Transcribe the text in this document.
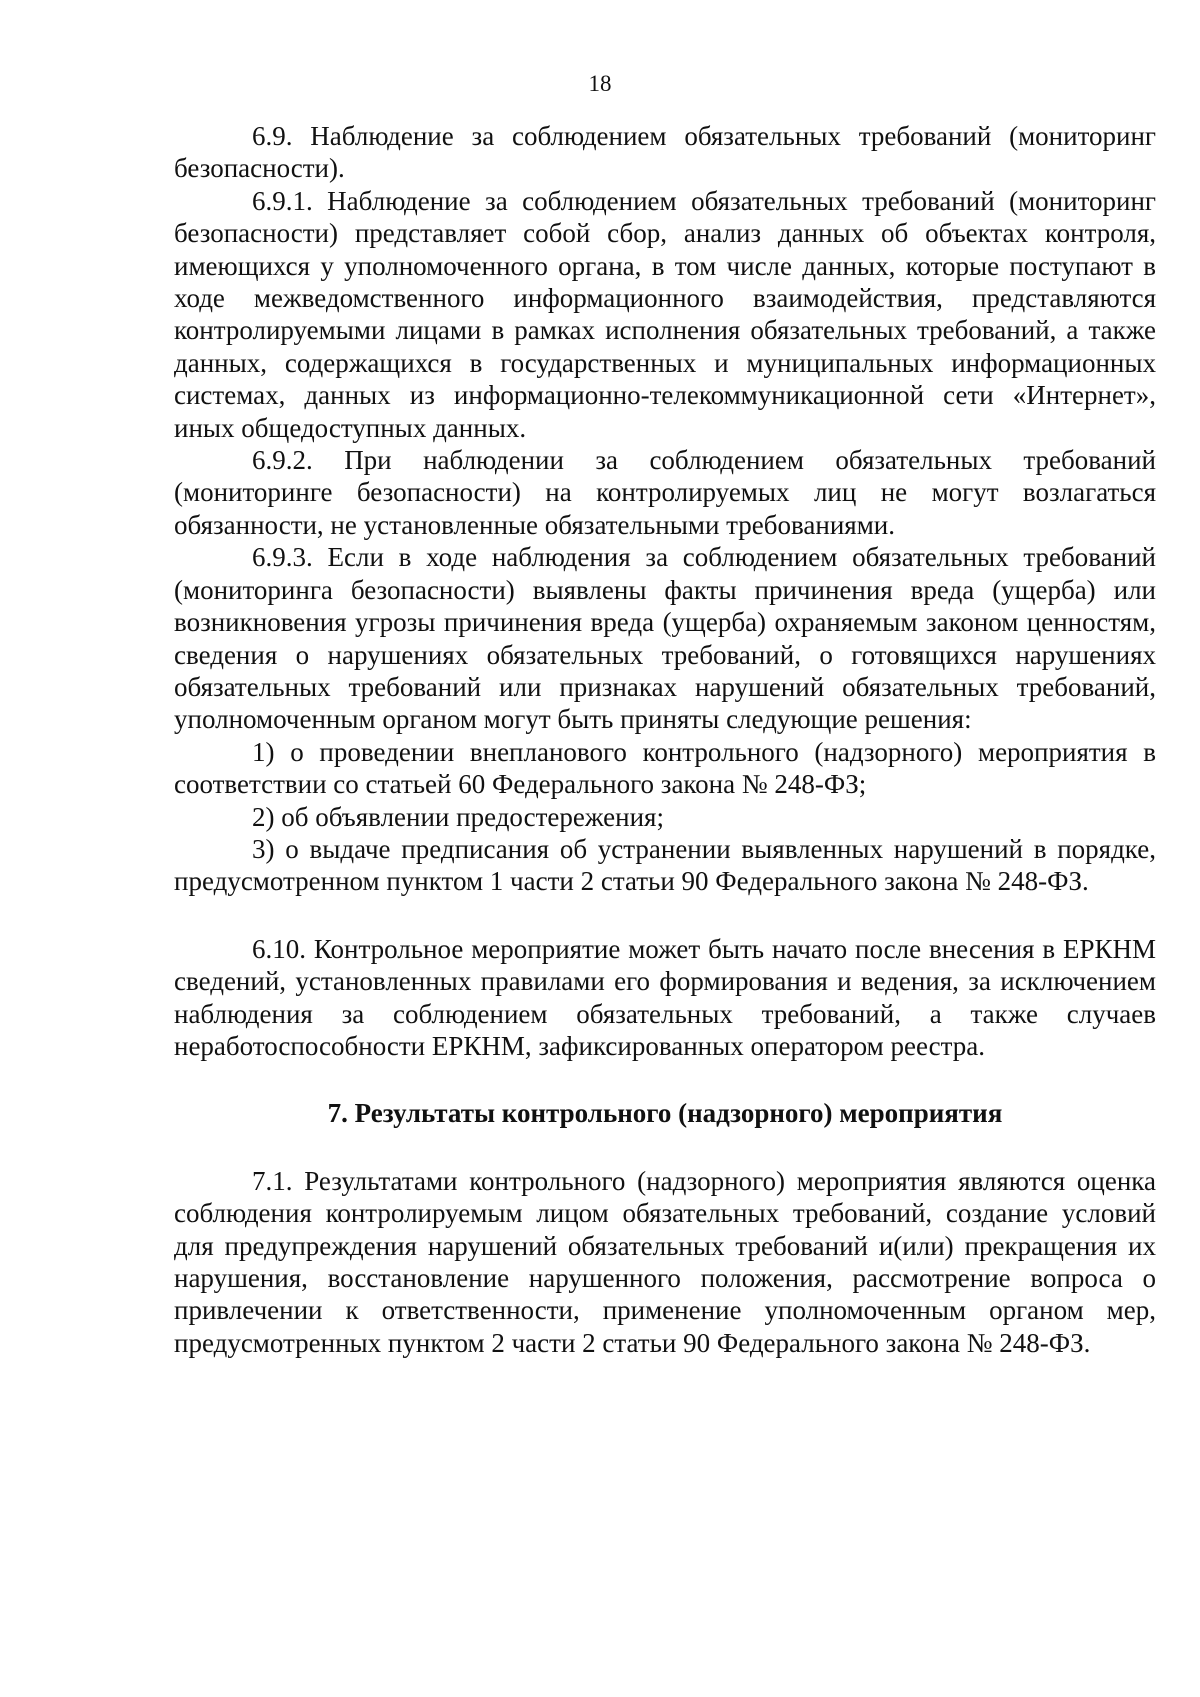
18

6.9. Наблюдение за соблюдением обязательных требований (мониторинг безопасности).

6.9.1. Наблюдение за соблюдением обязательных требований (мониторинг безопасности) представляет собой сбор, анализ данных об объектах контроля, имеющихся у уполномоченного органа, в том числе данных, которые поступают в ходе межведомственного информационного взаимодействия, представляются контролируемыми лицами в рамках исполнения обязательных требований, а также данных, содержащихся в государственных и муниципальных информационных системах, данных из информационно-телекоммуникационной сети «Интернет», иных общедоступных данных.

6.9.2. При наблюдении за соблюдением обязательных требований (мониторинге безопасности) на контролируемых лиц не могут возлагаться обязанности, не установленные обязательными требованиями.

6.9.3. Если в ходе наблюдения за соблюдением обязательных требований (мониторинга безопасности) выявлены факты причинения вреда (ущерба) или возникновения угрозы причинения вреда (ущерба) охраняемым законом ценностям, сведения о нарушениях обязательных требований, о готовящихся нарушениях обязательных требований или признаках нарушений обязательных требований, уполномоченным органом могут быть приняты следующие решения:

1) о проведении внепланового контрольного (надзорного) мероприятия в соответствии со статьей 60 Федерального закона № 248-ФЗ;

2) об объявлении предостережения;

3) о выдаче предписания об устранении выявленных нарушений в порядке, предусмотренном пунктом 1 части 2 статьи 90 Федерального закона № 248-ФЗ.

6.10. Контрольное мероприятие может быть начато после внесения в ЕРКНМ сведений, установленных правилами его формирования и ведения, за исключением наблюдения за соблюдением обязательных требований, а также случаев неработоспособности ЕРКНМ, зафиксированных оператором реестра.

7. Результаты контрольного (надзорного) мероприятия

7.1. Результатами контрольного (надзорного) мероприятия являются оценка соблюдения контролируемым лицом обязательных требований, создание условий для предупреждения нарушений обязательных требований и(или) прекращения их нарушения, восстановление нарушенного положения, рассмотрение вопроса о привлечении к ответственности, применение уполномоченным органом мер, предусмотренных пунктом 2 части 2 статьи 90 Федерального закона № 248-ФЗ.
